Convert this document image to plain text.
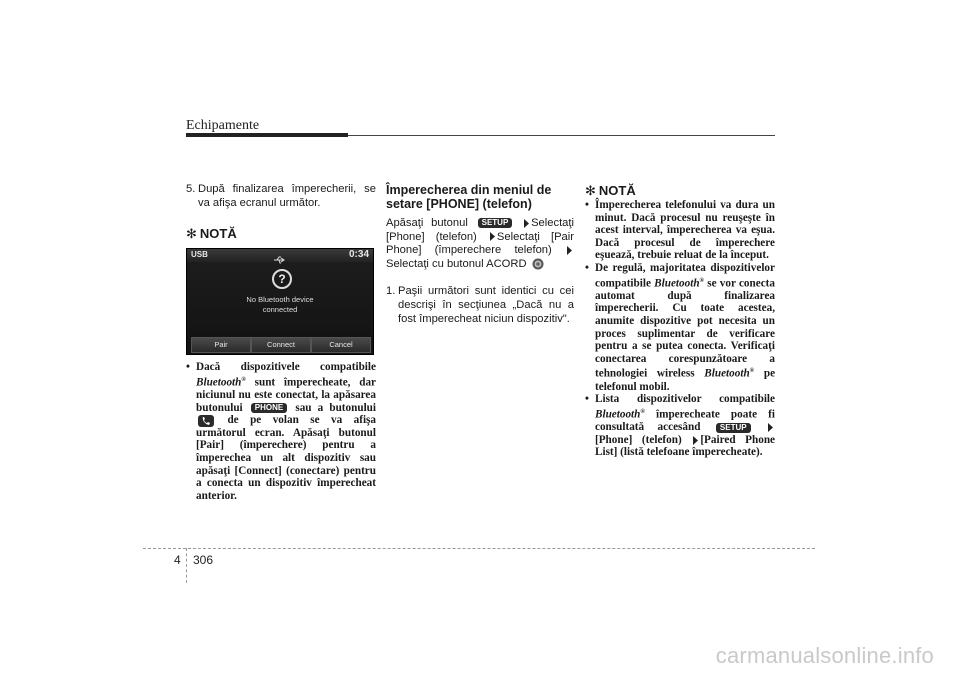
Echipamente
5. După finalizarea împerecherii, se va afişa ecranul următor.

✻ NOTĂ

USB	0:34
?
No Bluetooth device
connected
Pair	Connect	Cancel
• Dacă dispozitivele compatibile Bluetooth® sunt împerecheate, dar niciunul nu este conectat, la apăsarea butonului PHONE sau a butonului
de pe volan se va afişa următorul ecran. Apăsaţi butonul [Pair] (împerechere) pentru a împerechea un alt dispozitiv sau apăsaţi [Connect] (conectare) pentru a conecta un dispozitiv împerecheat anterior.

Împerecherea din meniul de setare [PHONE] (telefon)

Apăsaţi butonul SETUP Selectaţi [Phone] (telefon) Selectaţi [Pair Phone] (împerechere telefon)  Selectaţi cu butonul ACORD
1. Paşii următori sunt identici cu cei descrişi în secţiunea „Dacă nu a fost împerecheat niciun dispozitiv".

✻ NOTĂ

• Împerecherea telefonului va dura un minut. Dacă procesul nu reuşeşte în acest interval, împerecherea va eşua. Dacă procesul de împerechere eşuează, trebuie reluat de la început.
• De regulă, majoritatea dispozitivelor compatibile Bluetooth® se vor conecta automat după finalizarea împerecherii. Cu toate acestea, anumite dispozitive pot necesita un proces suplimentar de verificare pentru a se putea conecta. Verificaţi conectarea corespunzătoare a tehnologiei wireless Bluetooth® pe telefonul mobil.
• Lista dispozitivelor compatibile Bluetooth® împerecheate poate fi consultată accesând SETUP  [Phone] (telefon) [Paired Phone List] (listă telefoane împerecheate).
4 306
carmanualsonline.info
